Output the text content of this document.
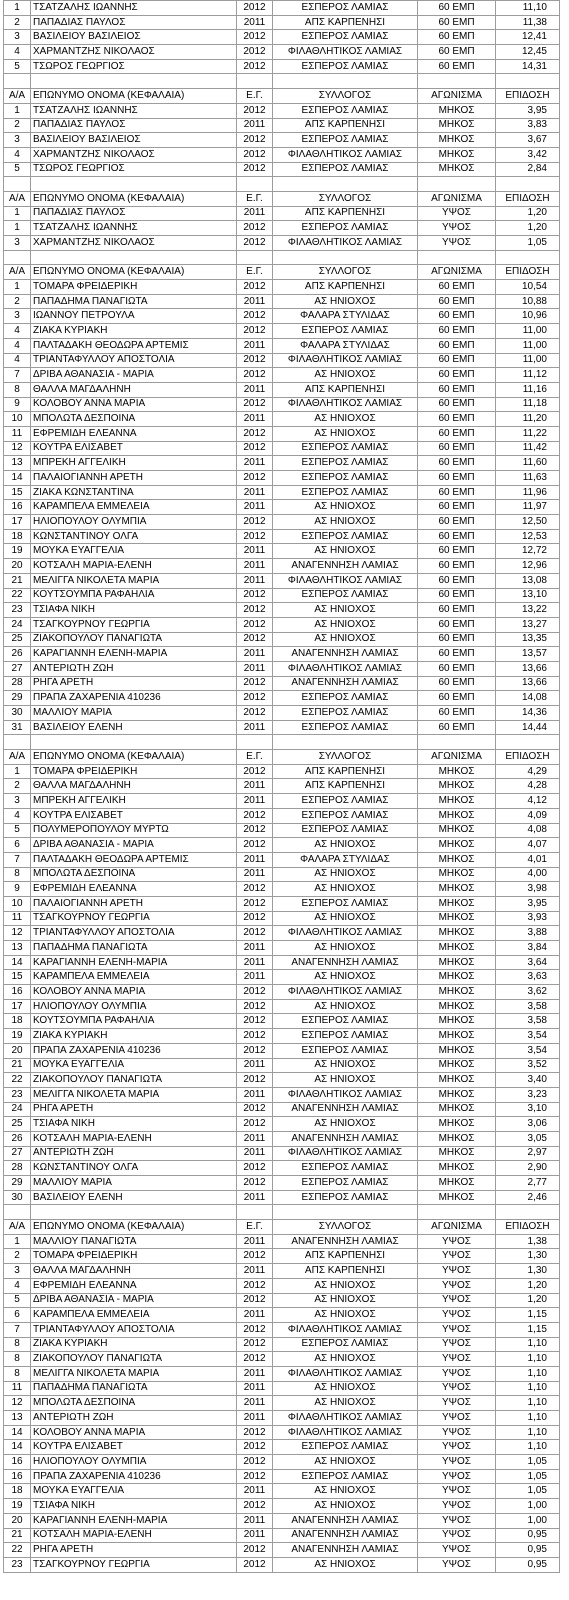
1	ΤΣΑΤΖΑΛΗΣ ΙΩΑΝΝΗΣ	2012	ΕΣΠΕΡΟΣ ΛΑΜΙΑΣ	60 ΕΜΠ	11,10
2	ΠΑΠΑΔΙΑΣ ΠΑΥΛΟΣ	2011	ΑΠΣ ΚΑΡΠΕΝΗΣΙ	60 ΕΜΠ	11,38
3	ΒΑΣΙΛΕΙΟΥ ΒΑΣΙΛΕΙΟΣ	2012	ΕΣΠΕΡΟΣ ΛΑΜΙΑΣ	60 ΕΜΠ	12,41
4	ΧΑΡΜΑΝΤΖΗΣ ΝΙΚΟΛΑΟΣ	2012	ΦΙΛΑΘΛΗΤΙΚΟΣ ΛΑΜΙΑΣ	60 ΕΜΠ	12,45
5	ΤΣΩΡΟΣ ΓΕΩΡΓΙΟΣ	2012	ΕΣΠΕΡΟΣ ΛΑΜΙΑΣ	60 ΕΜΠ	14,31

Α/Α	ΕΠΩΝΥΜΟ ΟΝΟΜΑ (ΚΕΦΑΛΑΙΑ)	Ε.Γ.	ΣΥΛΛΟΓΟΣ	ΑΓΩΝΙΣΜΑ	ΕΠΙΔΟΣΗ
1	ΤΣΑΤΖΑΛΗΣ ΙΩΑΝΝΗΣ	2012	ΕΣΠΕΡΟΣ ΛΑΜΙΑΣ	ΜΗΚΟΣ	3,95
2	ΠΑΠΑΔΙΑΣ ΠΑΥΛΟΣ	2011	ΑΠΣ ΚΑΡΠΕΝΗΣΙ	ΜΗΚΟΣ	3,83
3	ΒΑΣΙΛΕΙΟΥ ΒΑΣΙΛΕΙΟΣ	2012	ΕΣΠΕΡΟΣ ΛΑΜΙΑΣ	ΜΗΚΟΣ	3,67
4	ΧΑΡΜΑΝΤΖΗΣ ΝΙΚΟΛΑΟΣ	2012	ΦΙΛΑΘΛΗΤΙΚΟΣ ΛΑΜΙΑΣ	ΜΗΚΟΣ	3,42
5	ΤΣΩΡΟΣ ΓΕΩΡΓΙΟΣ	2012	ΕΣΠΕΡΟΣ ΛΑΜΙΑΣ	ΜΗΚΟΣ	2,84

Α/Α	ΕΠΩΝΥΜΟ ΟΝΟΜΑ (ΚΕΦΑΛΑΙΑ)	Ε.Γ.	ΣΥΛΛΟΓΟΣ	ΑΓΩΝΙΣΜΑ	ΕΠΙΔΟΣΗ
1	ΠΑΠΑΔΙΑΣ ΠΑΥΛΟΣ	2011	ΑΠΣ ΚΑΡΠΕΝΗΣΙ	ΥΨΟΣ	1,20
1	ΤΣΑΤΖΑΛΗΣ ΙΩΑΝΝΗΣ	2012	ΕΣΠΕΡΟΣ ΛΑΜΙΑΣ	ΥΨΟΣ	1,20
3	ΧΑΡΜΑΝΤΖΗΣ ΝΙΚΟΛΑΟΣ	2012	ΦΙΛΑΘΛΗΤΙΚΟΣ ΛΑΜΙΑΣ	ΥΨΟΣ	1,05

Α/Α	ΕΠΩΝΥΜΟ ΟΝΟΜΑ (ΚΕΦΑΛΑΙΑ)	Ε.Γ.	ΣΥΛΛΟΓΟΣ	ΑΓΩΝΙΣΜΑ	ΕΠΙΔΟΣΗ
1	ΤΟΜΑΡΑ ΦΡΕΙΔΕΡΙΚΗ	2012	ΑΠΣ ΚΑΡΠΕΝΗΣΙ	60 ΕΜΠ	10,54
2	ΠΑΠΑΔΗΜΑ ΠΑΝΑΓΙΩΤΑ	2011	ΑΣ ΗΝΙΟΧΟΣ	60 ΕΜΠ	10,88
3	ΙΩΑΝΝΟΥ ΠΕΤΡΟΥΛΑ	2012	ΦΑΛΑΡΑ ΣΤΥΛΙΔΑΣ	60 ΕΜΠ	10,96
4	ΖΙΑΚΑ ΚΥΡΙΑΚΗ	2012	ΕΣΠΕΡΟΣ ΛΑΜΙΑΣ	60 ΕΜΠ	11,00
4	ΠΑΛΤΑΔΑΚΗ ΘΕΟΔΩΡΑ ΑΡΤΕΜΙΣ	2011	ΦΑΛΑΡΑ ΣΤΥΛΙΔΑΣ	60 ΕΜΠ	11,00
4	ΤΡΙΑΝΤΑΦΥΛΛΟΥ ΑΠΟΣΤΟΛΙΑ	2012	ΦΙΛΑΘΛΗΤΙΚΟΣ ΛΑΜΙΑΣ	60 ΕΜΠ	11,00
7	ΔΡΙΒΑ ΑΘΑΝΑΣΙΑ - ΜΑΡΙΑ	2012	ΑΣ ΗΝΙΟΧΟΣ	60 ΕΜΠ	11,12
8	ΘΑΛΛΑ ΜΑΓΔΑΛΗΝΗ	2011	ΑΠΣ ΚΑΡΠΕΝΗΣΙ	60 ΕΜΠ	11,16
9	ΚΟΛΟΒΟΥ ΑΝΝΑ ΜΑΡΙΑ	2012	ΦΙΛΑΘΛΗΤΙΚΟΣ ΛΑΜΙΑΣ	60 ΕΜΠ	11,18
10	ΜΠΟΛΩΤΑ ΔΕΣΠΟΙΝΑ	2011	ΑΣ ΗΝΙΟΧΟΣ	60 ΕΜΠ	11,20
11	ΕΦΡΕΜΙΔΗ ΕΛΕΑΝΝΑ	2012	ΑΣ ΗΝΙΟΧΟΣ	60 ΕΜΠ	11,22
12	ΚΟΥΤΡΑ ΕΛΙΣΑΒΕΤ	2012	ΕΣΠΕΡΟΣ ΛΑΜΙΑΣ	60 ΕΜΠ	11,42
13	ΜΠΡΕΚΗ ΑΓΓΕΛΙΚΗ	2011	ΕΣΠΕΡΟΣ ΛΑΜΙΑΣ	60 ΕΜΠ	11,60
14	ΠΑΛΑΙΟΓΙΑΝΝΗ ΑΡΕΤΗ	2012	ΕΣΠΕΡΟΣ ΛΑΜΙΑΣ	60 ΕΜΠ	11,63
15	ΖΙΑΚΑ ΚΩΝΣΤΑΝΤΙΝΑ	2011	ΕΣΠΕΡΟΣ ΛΑΜΙΑΣ	60 ΕΜΠ	11,96
16	ΚΑΡΑΜΠΕΛΑ ΕΜΜΕΛΕΙΑ	2011	ΑΣ ΗΝΙΟΧΟΣ	60 ΕΜΠ	11,97
17	ΗΛΙΟΠΟΥΛΟΥ ΟΛΥΜΠΙΑ	2012	ΑΣ ΗΝΙΟΧΟΣ	60 ΕΜΠ	12,50
18	ΚΩΝΣΤΑΝΤΙΝΟΥ ΟΛΓΑ	2012	ΕΣΠΕΡΟΣ ΛΑΜΙΑΣ	60 ΕΜΠ	12,53
19	ΜΟΥΚΑ ΕΥΑΓΓΕΛΙΑ	2011	ΑΣ ΗΝΙΟΧΟΣ	60 ΕΜΠ	12,72
20	ΚΟΤΣΑΛΗ ΜΑΡΙΑ-ΕΛΕΝΗ	2011	ΑΝΑΓΕΝΝΗΣΗ ΛΑΜΙΑΣ	60 ΕΜΠ	12,96
21	ΜΕΛΙΓΓΑ ΝΙΚΟΛΕΤΑ ΜΑΡΙΑ	2011	ΦΙΛΑΘΛΗΤΙΚΟΣ ΛΑΜΙΑΣ	60 ΕΜΠ	13,08
22	ΚΟΥΤΣΟΥΜΠΑ ΡΑΦΑΗΛΙΑ	2012	ΕΣΠΕΡΟΣ ΛΑΜΙΑΣ	60 ΕΜΠ	13,10
23	ΤΣΙΑΦΑ ΝΙΚΗ	2012	ΑΣ ΗΝΙΟΧΟΣ	60 ΕΜΠ	13,22
24	ΤΣΑΓΚΟΥΡΝΟΥ ΓΕΩΡΓΙΑ	2012	ΑΣ ΗΝΙΟΧΟΣ	60 ΕΜΠ	13,27
25	ΖΙΑΚΟΠΟΥΛΟΥ ΠΑΝΑΓΙΩΤΑ	2012	ΑΣ ΗΝΙΟΧΟΣ	60 ΕΜΠ	13,35
26	ΚΑΡΑΓΙΑΝΝΗ ΕΛΕΝΗ-ΜΑΡΙΑ	2011	ΑΝΑΓΕΝΝΗΣΗ ΛΑΜΙΑΣ	60 ΕΜΠ	13,57
27	ΑΝΤΕΡΙΩΤΗ ΖΩΗ	2011	ΦΙΛΑΘΛΗΤΙΚΟΣ ΛΑΜΙΑΣ	60 ΕΜΠ	13,66
28	ΡΗΓΑ ΑΡΕΤΗ	2012	ΑΝΑΓΕΝΝΗΣΗ ΛΑΜΙΑΣ	60 ΕΜΠ	13,66
29	ΠΡΑΠΑ ΖΑΧΑΡΕΝΙΑ 410236	2012	ΕΣΠΕΡΟΣ ΛΑΜΙΑΣ	60 ΕΜΠ	14,08
30	ΜΑΛΛΙΟΥ ΜΑΡΙΑ	2012	ΕΣΠΕΡΟΣ ΛΑΜΙΑΣ	60 ΕΜΠ	14,36
31	ΒΑΣΙΛΕΙΟΥ ΕΛΕΝΗ	2011	ΕΣΠΕΡΟΣ ΛΑΜΙΑΣ	60 ΕΜΠ	14,44

Α/Α	ΕΠΩΝΥΜΟ ΟΝΟΜΑ (ΚΕΦΑΛΑΙΑ)	Ε.Γ.	ΣΥΛΛΟΓΟΣ	ΑΓΩΝΙΣΜΑ	ΕΠΙΔΟΣΗ
1	ΤΟΜΑΡΑ ΦΡΕΙΔΕΡΙΚΗ	2012	ΑΠΣ ΚΑΡΠΕΝΗΣΙ	ΜΗΚΟΣ	4,29
2	ΘΑΛΛΑ ΜΑΓΔΑΛΗΝΗ	2011	ΑΠΣ ΚΑΡΠΕΝΗΣΙ	ΜΗΚΟΣ	4,28
3	ΜΠΡΕΚΗ ΑΓΓΕΛΙΚΗ	2011	ΕΣΠΕΡΟΣ ΛΑΜΙΑΣ	ΜΗΚΟΣ	4,12
4	ΚΟΥΤΡΑ ΕΛΙΣΑΒΕΤ	2012	ΕΣΠΕΡΟΣ ΛΑΜΙΑΣ	ΜΗΚΟΣ	4,09
5	ΠΟΛΥΜΕΡΟΠΟΥΛΟΥ ΜΥΡΤΩ	2012	ΕΣΠΕΡΟΣ ΛΑΜΙΑΣ	ΜΗΚΟΣ	4,08
6	ΔΡΙΒΑ ΑΘΑΝΑΣΙΑ - ΜΑΡΙΑ	2012	ΑΣ ΗΝΙΟΧΟΣ	ΜΗΚΟΣ	4,07
7	ΠΑΛΤΑΔΑΚΗ ΘΕΟΔΩΡΑ ΑΡΤΕΜΙΣ	2011	ΦΑΛΑΡΑ ΣΤΥΛΙΔΑΣ	ΜΗΚΟΣ	4,01
8	ΜΠΟΛΩΤΑ ΔΕΣΠΟΙΝΑ	2011	ΑΣ ΗΝΙΟΧΟΣ	ΜΗΚΟΣ	4,00
9	ΕΦΡΕΜΙΔΗ ΕΛΕΑΝΝΑ	2012	ΑΣ ΗΝΙΟΧΟΣ	ΜΗΚΟΣ	3,98
10	ΠΑΛΑΙΟΓΙΑΝΝΗ ΑΡΕΤΗ	2012	ΕΣΠΕΡΟΣ ΛΑΜΙΑΣ	ΜΗΚΟΣ	3,95
11	ΤΣΑΓΚΟΥΡΝΟΥ ΓΕΩΡΓΙΑ	2012	ΑΣ ΗΝΙΟΧΟΣ	ΜΗΚΟΣ	3,93
12	ΤΡΙΑΝΤΑΦΥΛΛΟΥ ΑΠΟΣΤΟΛΙΑ	2012	ΦΙΛΑΘΛΗΤΙΚΟΣ ΛΑΜΙΑΣ	ΜΗΚΟΣ	3,88
13	ΠΑΠΑΔΗΜΑ ΠΑΝΑΓΙΩΤΑ	2011	ΑΣ ΗΝΙΟΧΟΣ	ΜΗΚΟΣ	3,84
14	ΚΑΡΑΓΙΑΝΝΗ ΕΛΕΝΗ-ΜΑΡΙΑ	2011	ΑΝΑΓΕΝΝΗΣΗ ΛΑΜΙΑΣ	ΜΗΚΟΣ	3,64
15	ΚΑΡΑΜΠΕΛΑ ΕΜΜΕΛΕΙΑ	2011	ΑΣ ΗΝΙΟΧΟΣ	ΜΗΚΟΣ	3,63
16	ΚΟΛΟΒΟΥ ΑΝΝΑ ΜΑΡΙΑ	2012	ΦΙΛΑΘΛΗΤΙΚΟΣ ΛΑΜΙΑΣ	ΜΗΚΟΣ	3,62
17	ΗΛΙΟΠΟΥΛΟΥ ΟΛΥΜΠΙΑ	2012	ΑΣ ΗΝΙΟΧΟΣ	ΜΗΚΟΣ	3,58
18	ΚΟΥΤΣΟΥΜΠΑ ΡΑΦΑΗΛΙΑ	2012	ΕΣΠΕΡΟΣ ΛΑΜΙΑΣ	ΜΗΚΟΣ	3,58
19	ΖΙΑΚΑ ΚΥΡΙΑΚΗ	2012	ΕΣΠΕΡΟΣ ΛΑΜΙΑΣ	ΜΗΚΟΣ	3,54
20	ΠΡΑΠΑ ΖΑΧΑΡΕΝΙΑ 410236	2012	ΕΣΠΕΡΟΣ ΛΑΜΙΑΣ	ΜΗΚΟΣ	3,54
21	ΜΟΥΚΑ ΕΥΑΓΓΕΛΙΑ	2011	ΑΣ ΗΝΙΟΧΟΣ	ΜΗΚΟΣ	3,52
22	ΖΙΑΚΟΠΟΥΛΟΥ ΠΑΝΑΓΙΩΤΑ	2012	ΑΣ ΗΝΙΟΧΟΣ	ΜΗΚΟΣ	3,40
23	ΜΕΛΙΓΓΑ ΝΙΚΟΛΕΤΑ ΜΑΡΙΑ	2011	ΦΙΛΑΘΛΗΤΙΚΟΣ ΛΑΜΙΑΣ	ΜΗΚΟΣ	3,23
24	ΡΗΓΑ ΑΡΕΤΗ	2012	ΑΝΑΓΕΝΝΗΣΗ ΛΑΜΙΑΣ	ΜΗΚΟΣ	3,10
25	ΤΣΙΑΦΑ ΝΙΚΗ	2012	ΑΣ ΗΝΙΟΧΟΣ	ΜΗΚΟΣ	3,06
26	ΚΟΤΣΑΛΗ ΜΑΡΙΑ-ΕΛΕΝΗ	2011	ΑΝΑΓΕΝΝΗΣΗ ΛΑΜΙΑΣ	ΜΗΚΟΣ	3,05
27	ΑΝΤΕΡΙΩΤΗ ΖΩΗ	2011	ΦΙΛΑΘΛΗΤΙΚΟΣ ΛΑΜΙΑΣ	ΜΗΚΟΣ	2,97
28	ΚΩΝΣΤΑΝΤΙΝΟΥ ΟΛΓΑ	2012	ΕΣΠΕΡΟΣ ΛΑΜΙΑΣ	ΜΗΚΟΣ	2,90
29	ΜΑΛΛΙΟΥ ΜΑΡΙΑ	2012	ΕΣΠΕΡΟΣ ΛΑΜΙΑΣ	ΜΗΚΟΣ	2,77
30	ΒΑΣΙΛΕΙΟΥ ΕΛΕΝΗ	2011	ΕΣΠΕΡΟΣ ΛΑΜΙΑΣ	ΜΗΚΟΣ	2,46

Α/Α	ΕΠΩΝΥΜΟ ΟΝΟΜΑ (ΚΕΦΑΛΑΙΑ)	Ε.Γ.	ΣΥΛΛΟΓΟΣ	ΑΓΩΝΙΣΜΑ	ΕΠΙΔΟΣΗ
1	ΜΑΛΛΙΟΥ ΠΑΝΑΓΙΩΤΑ	2011	ΑΝΑΓΕΝΝΗΣΗ ΛΑΜΙΑΣ	ΥΨΟΣ	1,38
2	ΤΟΜΑΡΑ ΦΡΕΙΔΕΡΙΚΗ	2012	ΑΠΣ ΚΑΡΠΕΝΗΣΙ	ΥΨΟΣ	1,30
3	ΘΑΛΛΑ ΜΑΓΔΑΛΗΝΗ	2011	ΑΠΣ ΚΑΡΠΕΝΗΣΙ	ΥΨΟΣ	1,30
4	ΕΦΡΕΜΙΔΗ ΕΛΕΑΝΝΑ	2012	ΑΣ ΗΝΙΟΧΟΣ	ΥΨΟΣ	1,20
5	ΔΡΙΒΑ ΑΘΑΝΑΣΙΑ - ΜΑΡΙΑ	2012	ΑΣ ΗΝΙΟΧΟΣ	ΥΨΟΣ	1,20
6	ΚΑΡΑΜΠΕΛΑ ΕΜΜΕΛΕΙΑ	2011	ΑΣ ΗΝΙΟΧΟΣ	ΥΨΟΣ	1,15
7	ΤΡΙΑΝΤΑΦΥΛΛΟΥ ΑΠΟΣΤΟΛΙΑ	2012	ΦΙΛΑΘΛΗΤΙΚΟΣ ΛΑΜΙΑΣ	ΥΨΟΣ	1,15
8	ΖΙΑΚΑ ΚΥΡΙΑΚΗ	2012	ΕΣΠΕΡΟΣ ΛΑΜΙΑΣ	ΥΨΟΣ	1,10
8	ΖΙΑΚΟΠΟΥΛΟΥ ΠΑΝΑΓΙΩΤΑ	2012	ΑΣ ΗΝΙΟΧΟΣ	ΥΨΟΣ	1,10
8	ΜΕΛΙΓΓΑ ΝΙΚΟΛΕΤΑ ΜΑΡΙΑ	2011	ΦΙΛΑΘΛΗΤΙΚΟΣ ΛΑΜΙΑΣ	ΥΨΟΣ	1,10
11	ΠΑΠΑΔΗΜΑ ΠΑΝΑΓΙΩΤΑ	2011	ΑΣ ΗΝΙΟΧΟΣ	ΥΨΟΣ	1,10
12	ΜΠΟΛΩΤΑ ΔΕΣΠΟΙΝΑ	2011	ΑΣ ΗΝΙΟΧΟΣ	ΥΨΟΣ	1,10
13	ΑΝΤΕΡΙΩΤΗ ΖΩΗ	2011	ΦΙΛΑΘΛΗΤΙΚΟΣ ΛΑΜΙΑΣ	ΥΨΟΣ	1,10
14	ΚΟΛΟΒΟΥ ΑΝΝΑ ΜΑΡΙΑ	2012	ΦΙΛΑΘΛΗΤΙΚΟΣ ΛΑΜΙΑΣ	ΥΨΟΣ	1,10
14	ΚΟΥΤΡΑ ΕΛΙΣΑΒΕΤ	2012	ΕΣΠΕΡΟΣ ΛΑΜΙΑΣ	ΥΨΟΣ	1,10
16	ΗΛΙΟΠΟΥΛΟΥ ΟΛΥΜΠΙΑ	2012	ΑΣ ΗΝΙΟΧΟΣ	ΥΨΟΣ	1,05
16	ΠΡΑΠΑ ΖΑΧΑΡΕΝΙΑ 410236	2012	ΕΣΠΕΡΟΣ ΛΑΜΙΑΣ	ΥΨΟΣ	1,05
18	ΜΟΥΚΑ ΕΥΑΓΓΕΛΙΑ	2011	ΑΣ ΗΝΙΟΧΟΣ	ΥΨΟΣ	1,05
19	ΤΣΙΑΦΑ ΝΙΚΗ	2012	ΑΣ ΗΝΙΟΧΟΣ	ΥΨΟΣ	1,00
20	ΚΑΡΑΓΙΑΝΝΗ ΕΛΕΝΗ-ΜΑΡΙΑ	2011	ΑΝΑΓΕΝΝΗΣΗ ΛΑΜΙΑΣ	ΥΨΟΣ	1,00
21	ΚΟΤΣΑΛΗ ΜΑΡΙΑ-ΕΛΕΝΗ	2011	ΑΝΑΓΕΝΝΗΣΗ ΛΑΜΙΑΣ	ΥΨΟΣ	0,95
22	ΡΗΓΑ ΑΡΕΤΗ	2012	ΑΝΑΓΕΝΝΗΣΗ ΛΑΜΙΑΣ	ΥΨΟΣ	0,95
23	ΤΣΑΓΚΟΥΡΝΟΥ ΓΕΩΡΓΙΑ	2012	ΑΣ ΗΝΙΟΧΟΣ	ΥΨΟΣ	0,95
